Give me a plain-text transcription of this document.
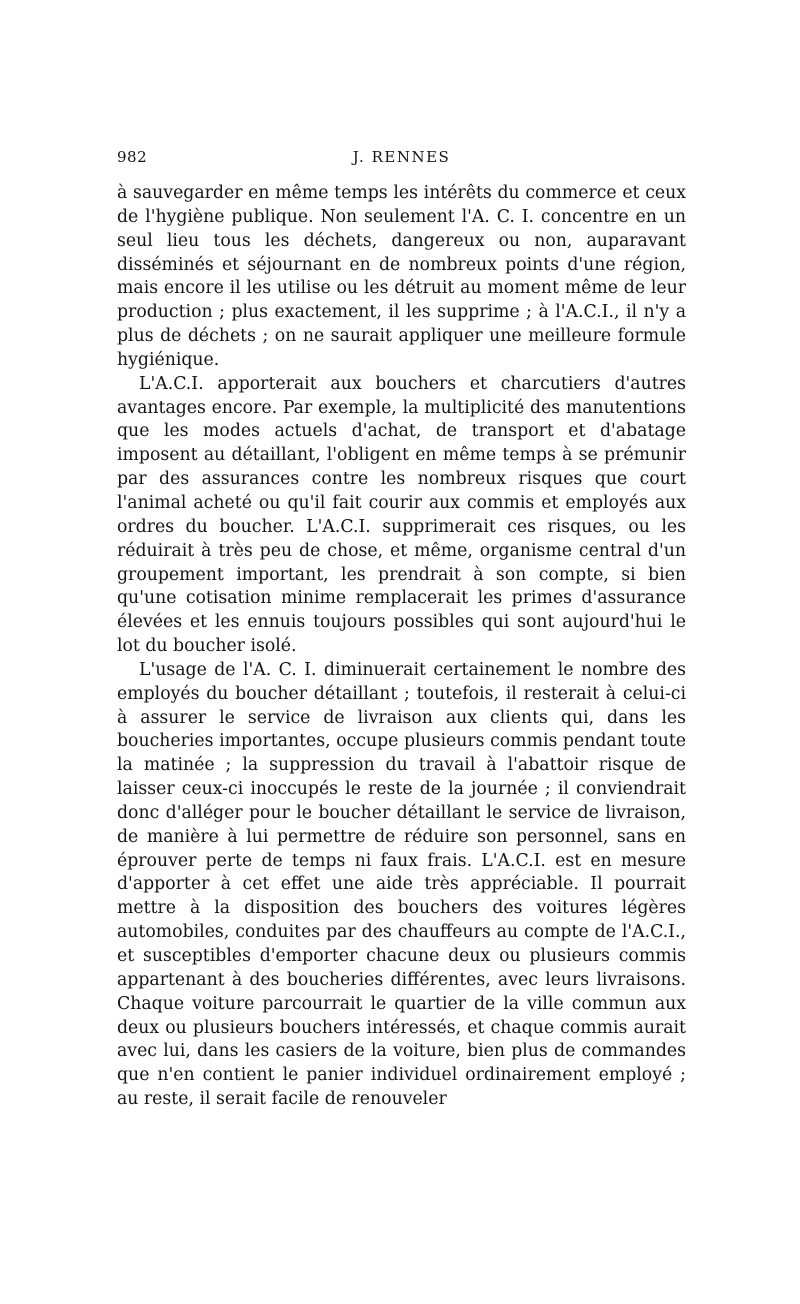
982	J. RENNES

à sauvegarder en même temps les intérêts du commerce et ceux de l'hygiène publique. Non seulement l'A. C. I. concentre en un seul lieu tous les déchets, dangereux ou non, auparavant disséminés et séjournant en de nombreux points d'une région, mais encore il les utilise ou les détruit au moment même de leur production ; plus exactement, il les supprime ; à l'A.C.I., il n'y a plus de déchets ; on ne saurait appliquer une meilleure formule hygiénique.

L'A.C.I. apporterait aux bouchers et charcutiers d'autres avantages encore. Par exemple, la multiplicité des manutentions que les modes actuels d'achat, de transport et d'abatage imposent au détaillant, l'obligent en même temps à se prémunir par des assurances contre les nombreux risques que court l'animal acheté ou qu'il fait courir aux commis et employés aux ordres du boucher. L'A.C.I. supprimerait ces risques, ou les réduirait à très peu de chose, et même, organisme central d'un groupement important, les prendrait à son compte, si bien qu'une cotisation minime remplacerait les primes d'assurance élevées et les ennuis toujours possibles qui sont aujourd'hui le lot du boucher isolé.

L'usage de l'A. C. I. diminuerait certainement le nombre des employés du boucher détaillant ; toutefois, il resterait à celui-ci à assurer le service de livraison aux clients qui, dans les boucheries importantes, occupe plusieurs commis pendant toute la matinée ; la suppression du travail à l'abattoir risque de laisser ceux-ci inoccupés le reste de la journée ; il conviendrait donc d'alléger pour le boucher détaillant le service de livraison, de manière à lui permettre de réduire son personnel, sans en éprouver perte de temps ni faux frais. L'A.C.I. est en mesure d'apporter à cet effet une aide très appréciable. Il pourrait mettre à la disposition des bouchers des voitures légères automobiles, conduites par des chauffeurs au compte de l'A.C.I., et susceptibles d'emporter chacune deux ou plusieurs commis appartenant à des boucheries différentes, avec leurs livraisons. Chaque voiture parcourrait le quartier de la ville commun aux deux ou plusieurs bouchers intéressés, et chaque commis aurait avec lui, dans les casiers de la voiture, bien plus de commandes que n'en contient le panier individuel ordinairement employé ; au reste, il serait facile de renouveler
